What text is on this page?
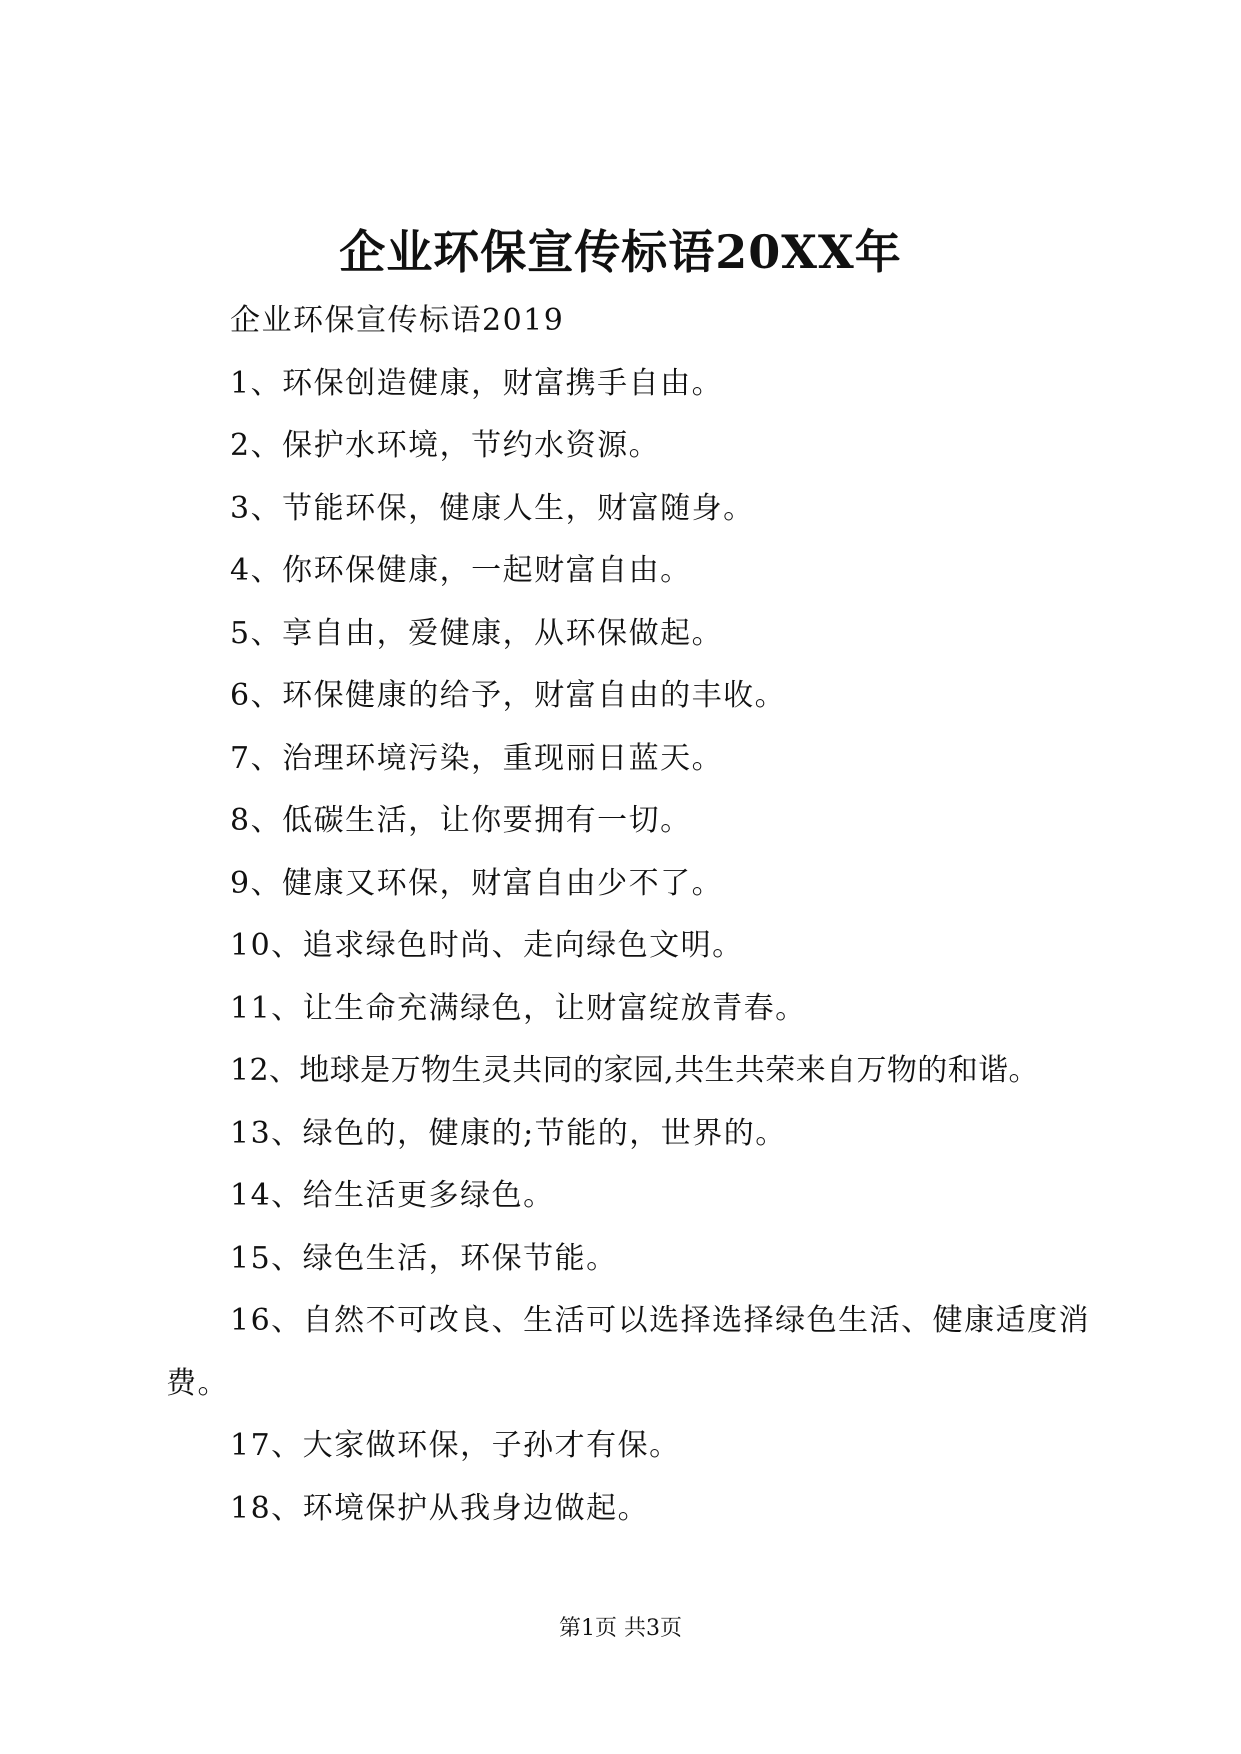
企业环保宣传标语20XX年

企业环保宣传标语2019

1、环保创造健康，财富携手自由。

2、保护水环境，节约水资源。

3、节能环保，健康人生，财富随身。

4、你环保健康，一起财富自由。

5、享自由，爱健康，从环保做起。

6、环保健康的给予，财富自由的丰收。

7、治理环境污染，重现丽日蓝天。

8、低碳生活，让你要拥有一切。

9、健康又环保，财富自由少不了。

10、追求绿色时尚、走向绿色文明。

11、让生命充满绿色，让财富绽放青春。

12、地球是万物生灵共同的家园,共生共荣来自万物的和谐。

13、绿色的，健康的;节能的，世界的。

14、给生活更多绿色。

15、绿色生活，环保节能。

16、自然不可改良、生活可以选择选择绿色生活、健康适度消费。

17、大家做环保，子孙才有保。

18、环境保护从我身边做起。

第1页 共3页
